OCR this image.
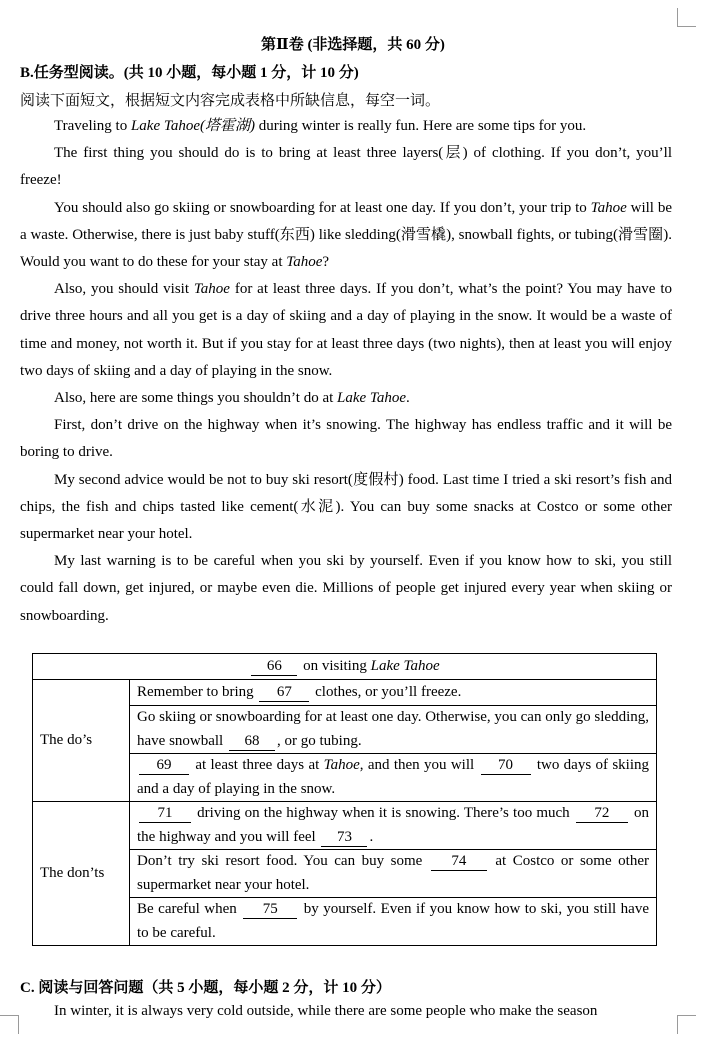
第Ⅱ卷 (非选择题，共 60 分)
B.任务型阅读。(共 10 小题，每小题 1 分，计 10 分)
阅读下面短文，根据短文内容完成表格中所缺信息，每空一词。

Traveling to Lake Tahoe(塔霍湖) during winter is really fun. Here are some tips for you.

The first thing you should do is to bring at least three layers(层) of clothing. If you don’t, you’ll freeze!

You should also go skiing or snowboarding for at least one day. If you don’t, your trip to Tahoe will be a waste. Otherwise, there is just baby stuff(东西) like sledding(滑雪橇), snowball fights, or tubing(滑雪圈). Would you want to do these for your stay at Tahoe?

Also, you should visit Tahoe for at least three days. If you don’t, what’s the point? You may have to drive three hours and all you get is a day of skiing and a day of playing in the snow. It would be a waste of time and money, not worth it. But if you stay for at least three days (two nights), then at least you will enjoy two days of skiing and a day of playing in the snow.

Also, here are some things you shouldn’t do at Lake Tahoe.

First, don’t drive on the highway when it’s snowing. The highway has endless traffic and it will be boring to drive.

My second advice would be not to buy ski resort(度假村) food. Last time I tried a ski resort’s fish and chips, the fish and chips tasted like cement(水泥). You can buy some snacks at Costco or some other supermarket near your hotel.

My last warning is to be careful when you ski by yourself. Even if you know how to ski, you still could fall down, get injured, or maybe even die. Millions of people get injured every year when skiing or snowboarding.

66 on visiting Lake Tahoe	
The do’s	Remember to bring 67 clothes, or you’ll freeze.
	Go skiing or snowboarding for at least one day. Otherwise, you can only go sledding, have snowball 68 , or go tubing.
	69 at least three days at Tahoe, and then you will 70 two days of skiing and a day of playing in the snow.
The don’ts	71 driving on the highway when it is snowing. There’s too much 72 on the highway and you will feel 73 .
	Don’t try ski resort food. You can buy some 74 at Costco or some other supermarket near your hotel.
	Be careful when 75 by yourself. Even if you know how to ski, you still have to be careful.
C. 阅读与回答问题（共 5 小题，每小题 2 分，计 10 分）
In winter, it is always very cold outside, while there are some people who make the season
